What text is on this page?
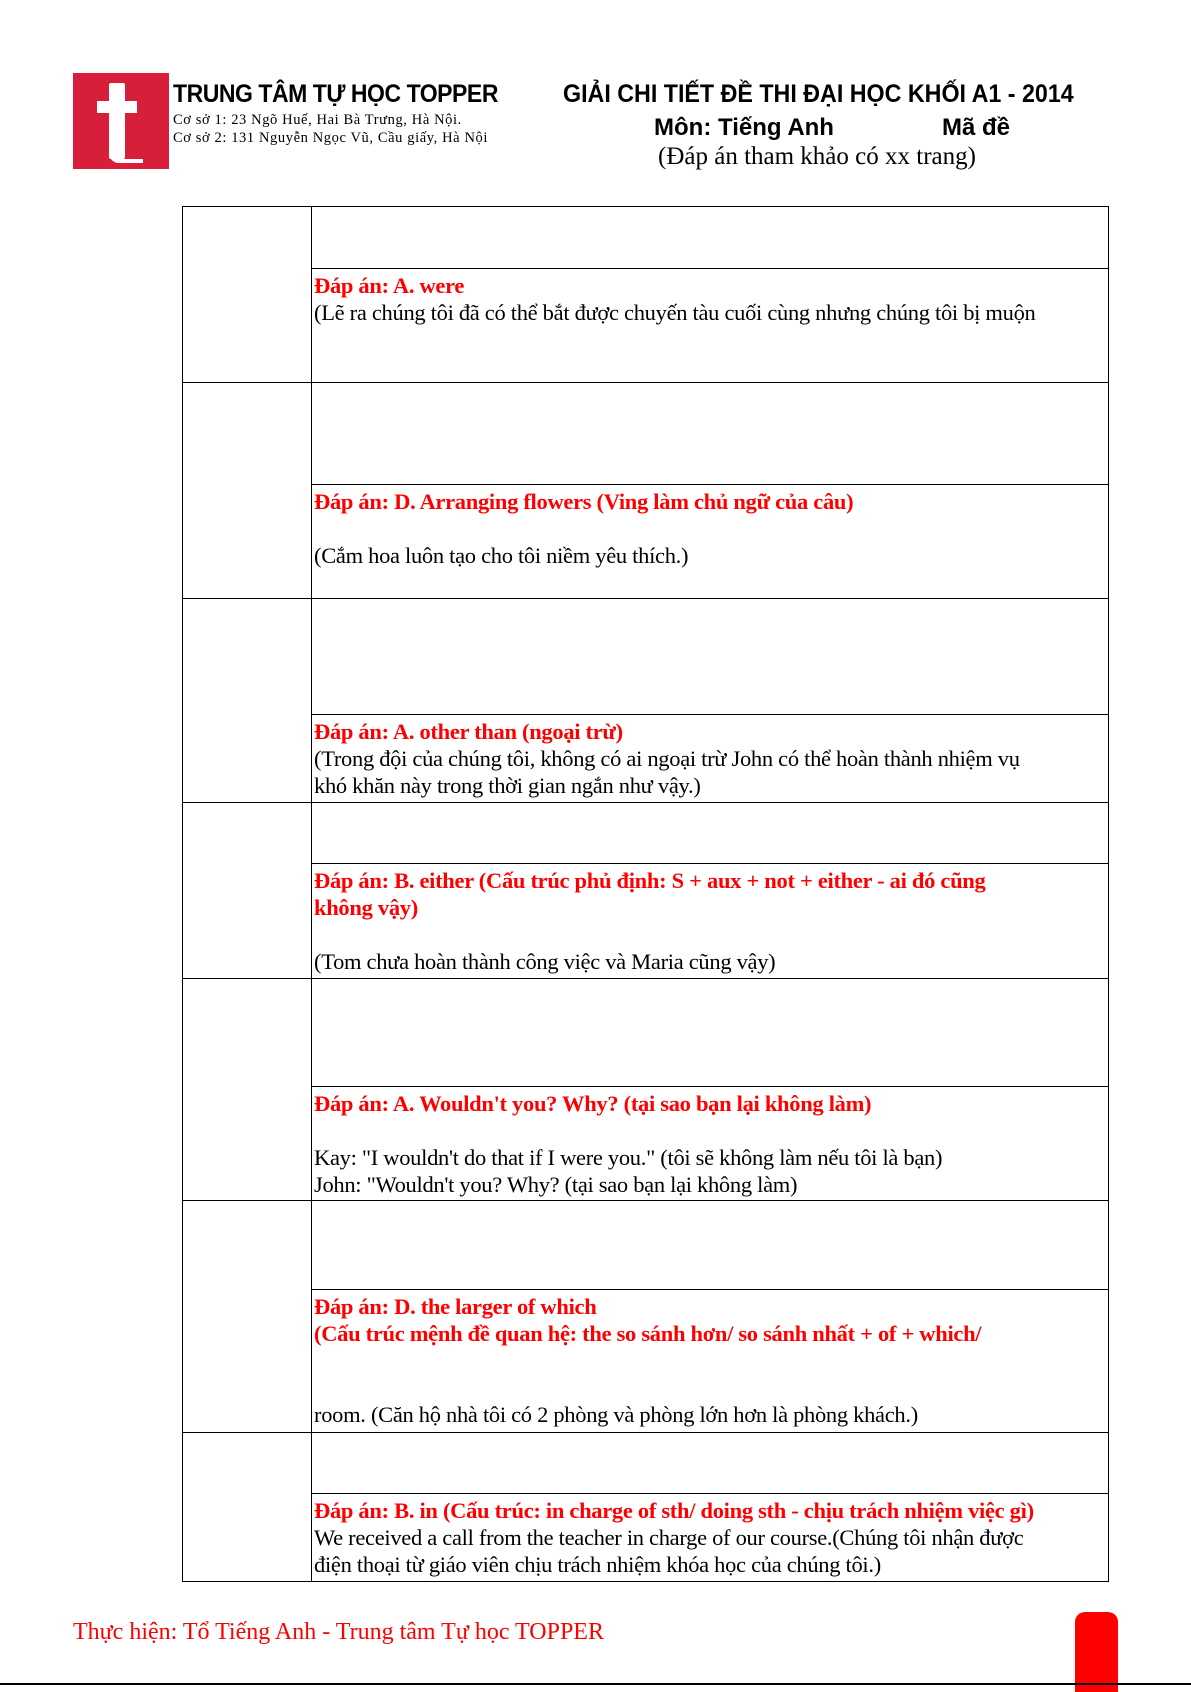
TRUNG TÂM TỰ HỌC TOPPER
Cơ sở 1: 23 Ngõ Huế, Hai Bà Trưng, Hà Nội.
Cơ sở 2: 131 Nguyễn Ngọc Vũ, Cầu giấy, Hà Nội
GIẢI CHI TIẾT ĐỀ THI ĐẠI HỌC KHỐI A1 - 2014
Môn: Tiếng Anh	Mã đề
(Đáp án tham khảo có xx trang)
Đáp án: A. were
(Lẽ ra chúng tôi đã có thể bắt được chuyến tàu cuối cùng nhưng chúng tôi bị muộn
Đáp án: D. Arranging flowers (Ving làm chủ ngữ của câu)
(Cắm hoa luôn tạo cho tôi niềm yêu thích.)
Đáp án: A. other than (ngoại trừ)
(Trong đội của chúng tôi, không có ai ngoại trừ John có thể hoàn thành nhiệm vụ
khó khăn này trong thời gian ngắn như vậy.)
Đáp án: B. either (Cấu trúc phủ định: S + aux + not + either - ai đó cũng
không vậy)
(Tom chưa hoàn thành công việc và Maria cũng vậy)
Đáp án: A. Wouldn't you? Why? (tại sao bạn lại không làm)
Kay: "I wouldn't do that if I were you." (tôi sẽ không làm nếu tôi là bạn)
John: "Wouldn't you? Why? (tại sao bạn lại không làm)
Đáp án: D. the larger of which
(Cấu trúc mệnh đề quan hệ: the so sánh hơn/ so sánh nhất + of + which/
room. (Căn hộ nhà tôi có 2 phòng và phòng lớn hơn là phòng khách.)
Đáp án: B. in (Cấu trúc: in charge of sth/ doing sth - chịu trách nhiệm việc gì)
We received a call from the teacher in charge of our course.(Chúng tôi nhận được
điện thoại từ giáo viên chịu trách nhiệm khóa học của chúng tôi.)
Thực hiện: Tổ Tiếng Anh - Trung tâm Tự học TOPPER
